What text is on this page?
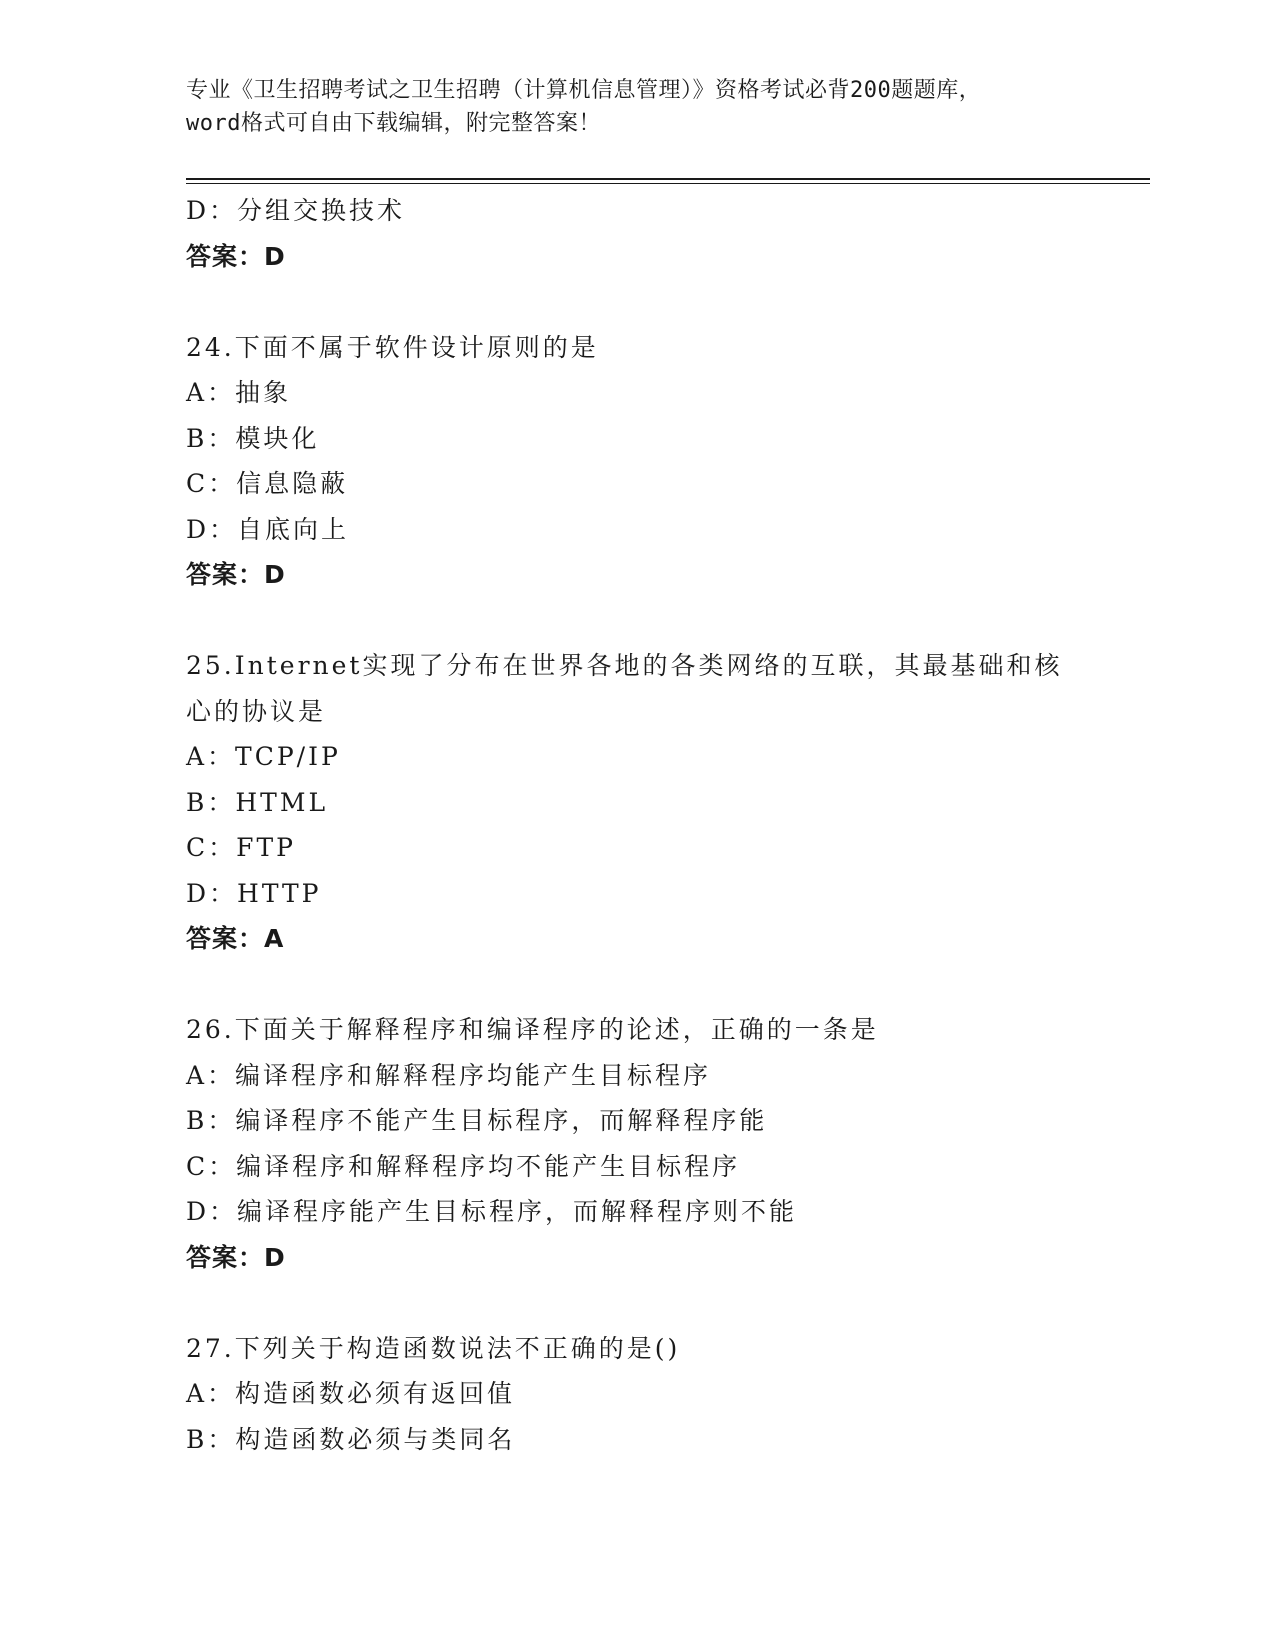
专业《卫生招聘考试之卫生招聘（计算机信息管理）》资格考试必背200题题库，
word格式可自由下载编辑，附完整答案！
D：分组交换技术
答案：D
24.下面不属于软件设计原则的是
A：抽象
B：模块化
C：信息隐蔽
D：自底向上
答案：D
25.Internet实现了分布在世界各地的各类网络的互联，其最基础和核
心的协议是
A：TCP/IP
B：HTML
C：FTP
D：HTTP
答案：A
26.下面关于解释程序和编译程序的论述，正确的一条是
A：编译程序和解释程序均能产生目标程序
B：编译程序不能产生目标程序，而解释程序能
C：编译程序和解释程序均不能产生目标程序
D：编译程序能产生目标程序，而解释程序则不能
答案：D
27.下列关于构造函数说法不正确的是()
A：构造函数必须有返回值
B：构造函数必须与类同名
